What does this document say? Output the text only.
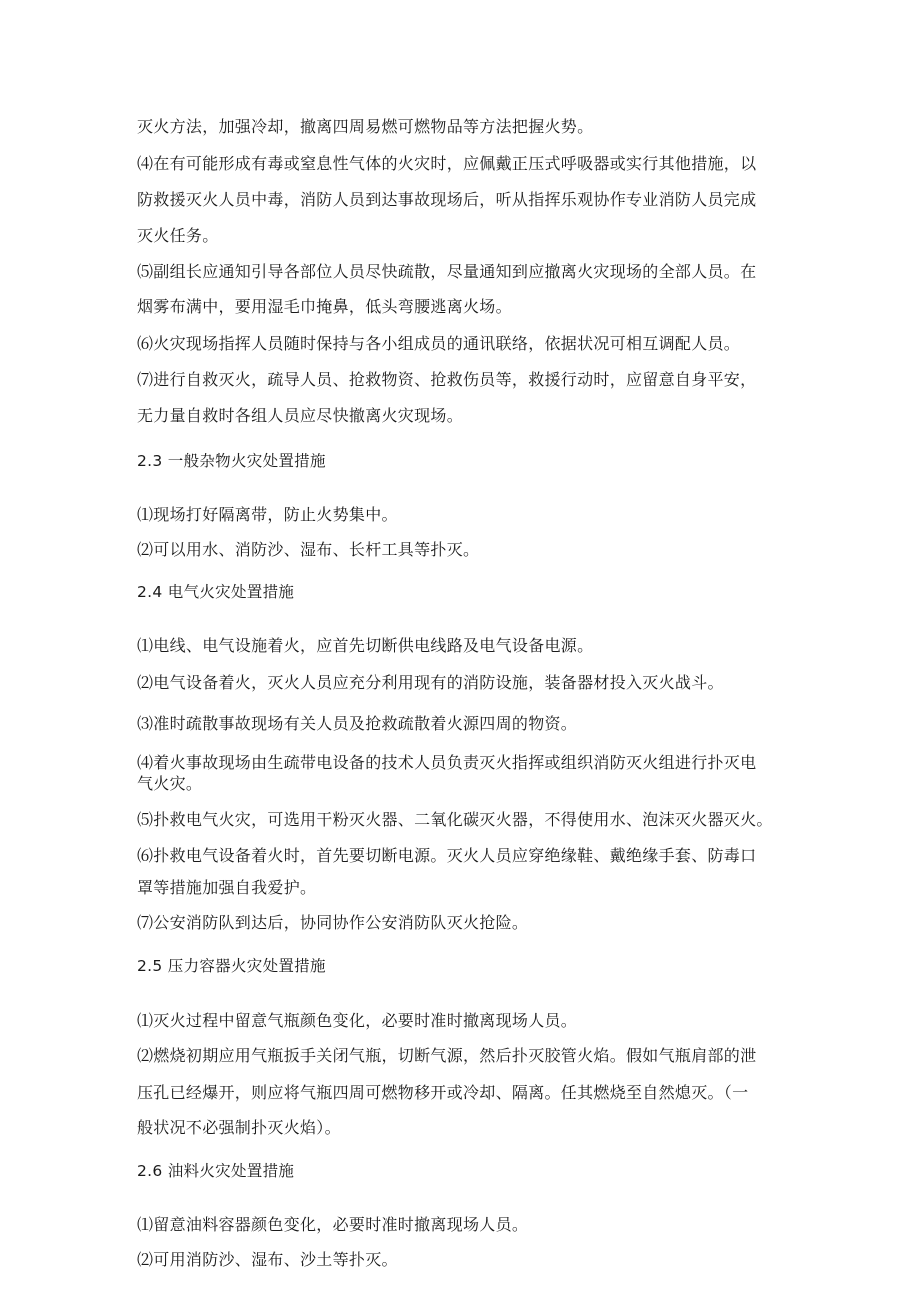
灭火方法，加强冷却，撤离四周易燃可燃物品等方法把握火势。
⑷在有可能形成有毒或窒息性气体的火灾时，应佩戴正压式呼吸器或实行其他措施，以
防救援灭火人员中毒，消防人员到达事故现场后，听从指挥乐观协作专业消防人员完成
灭火任务。
⑸副组长应通知引导各部位人员尽快疏散，尽量通知到应撤离火灾现场的全部人员。在
烟雾布满中，要用湿毛巾掩鼻，低头弯腰逃离火场。
⑹火灾现场指挥人员随时保持与各小组成员的通讯联络，依据状况可相互调配人员。
⑺进行自救灭火，疏导人员、抢救物资、抢救伤员等，救援行动时，应留意自身平安，
无力量自救时各组人员应尽快撤离火灾现场。
2.3 一般杂物火灾处置措施
⑴现场打好隔离带，防止火势集中。
⑵可以用水、消防沙、湿布、长杆工具等扑灭。
2.4 电气火灾处置措施
⑴电线、电气设施着火，应首先切断供电线路及电气设备电源。
⑵电气设备着火，灭火人员应充分利用现有的消防设施，装备器材投入灭火战斗。
⑶准时疏散事故现场有关人员及抢救疏散着火源四周的物资。
⑷着火事故现场由生疏带电设备的技术人员负责灭火指挥或组织消防灭火组进行扑灭电
气火灾。
⑸扑救电气火灾，可选用干粉灭火器、二氧化碳灭火器，不得使用水、泡沫灭火器灭火。
⑹扑救电气设备着火时，首先要切断电源。灭火人员应穿绝缘鞋、戴绝缘手套、防毒口
罩等措施加强自我爱护。
⑺公安消防队到达后，协同协作公安消防队灭火抢险。
2.5 压力容器火灾处置措施
⑴灭火过程中留意气瓶颜色变化，必要时准时撤离现场人员。
⑵燃烧初期应用气瓶扳手关闭气瓶，切断气源，然后扑灭胶管火焰。假如气瓶肩部的泄
压孔已经爆开，则应将气瓶四周可燃物移开或冷却、隔离。任其燃烧至自然熄灭。（一
般状况不必强制扑灭火焰）。
2.6 油料火灾处置措施
⑴留意油料容器颜色变化，必要时准时撤离现场人员。
⑵可用消防沙、湿布、沙土等扑灭。
